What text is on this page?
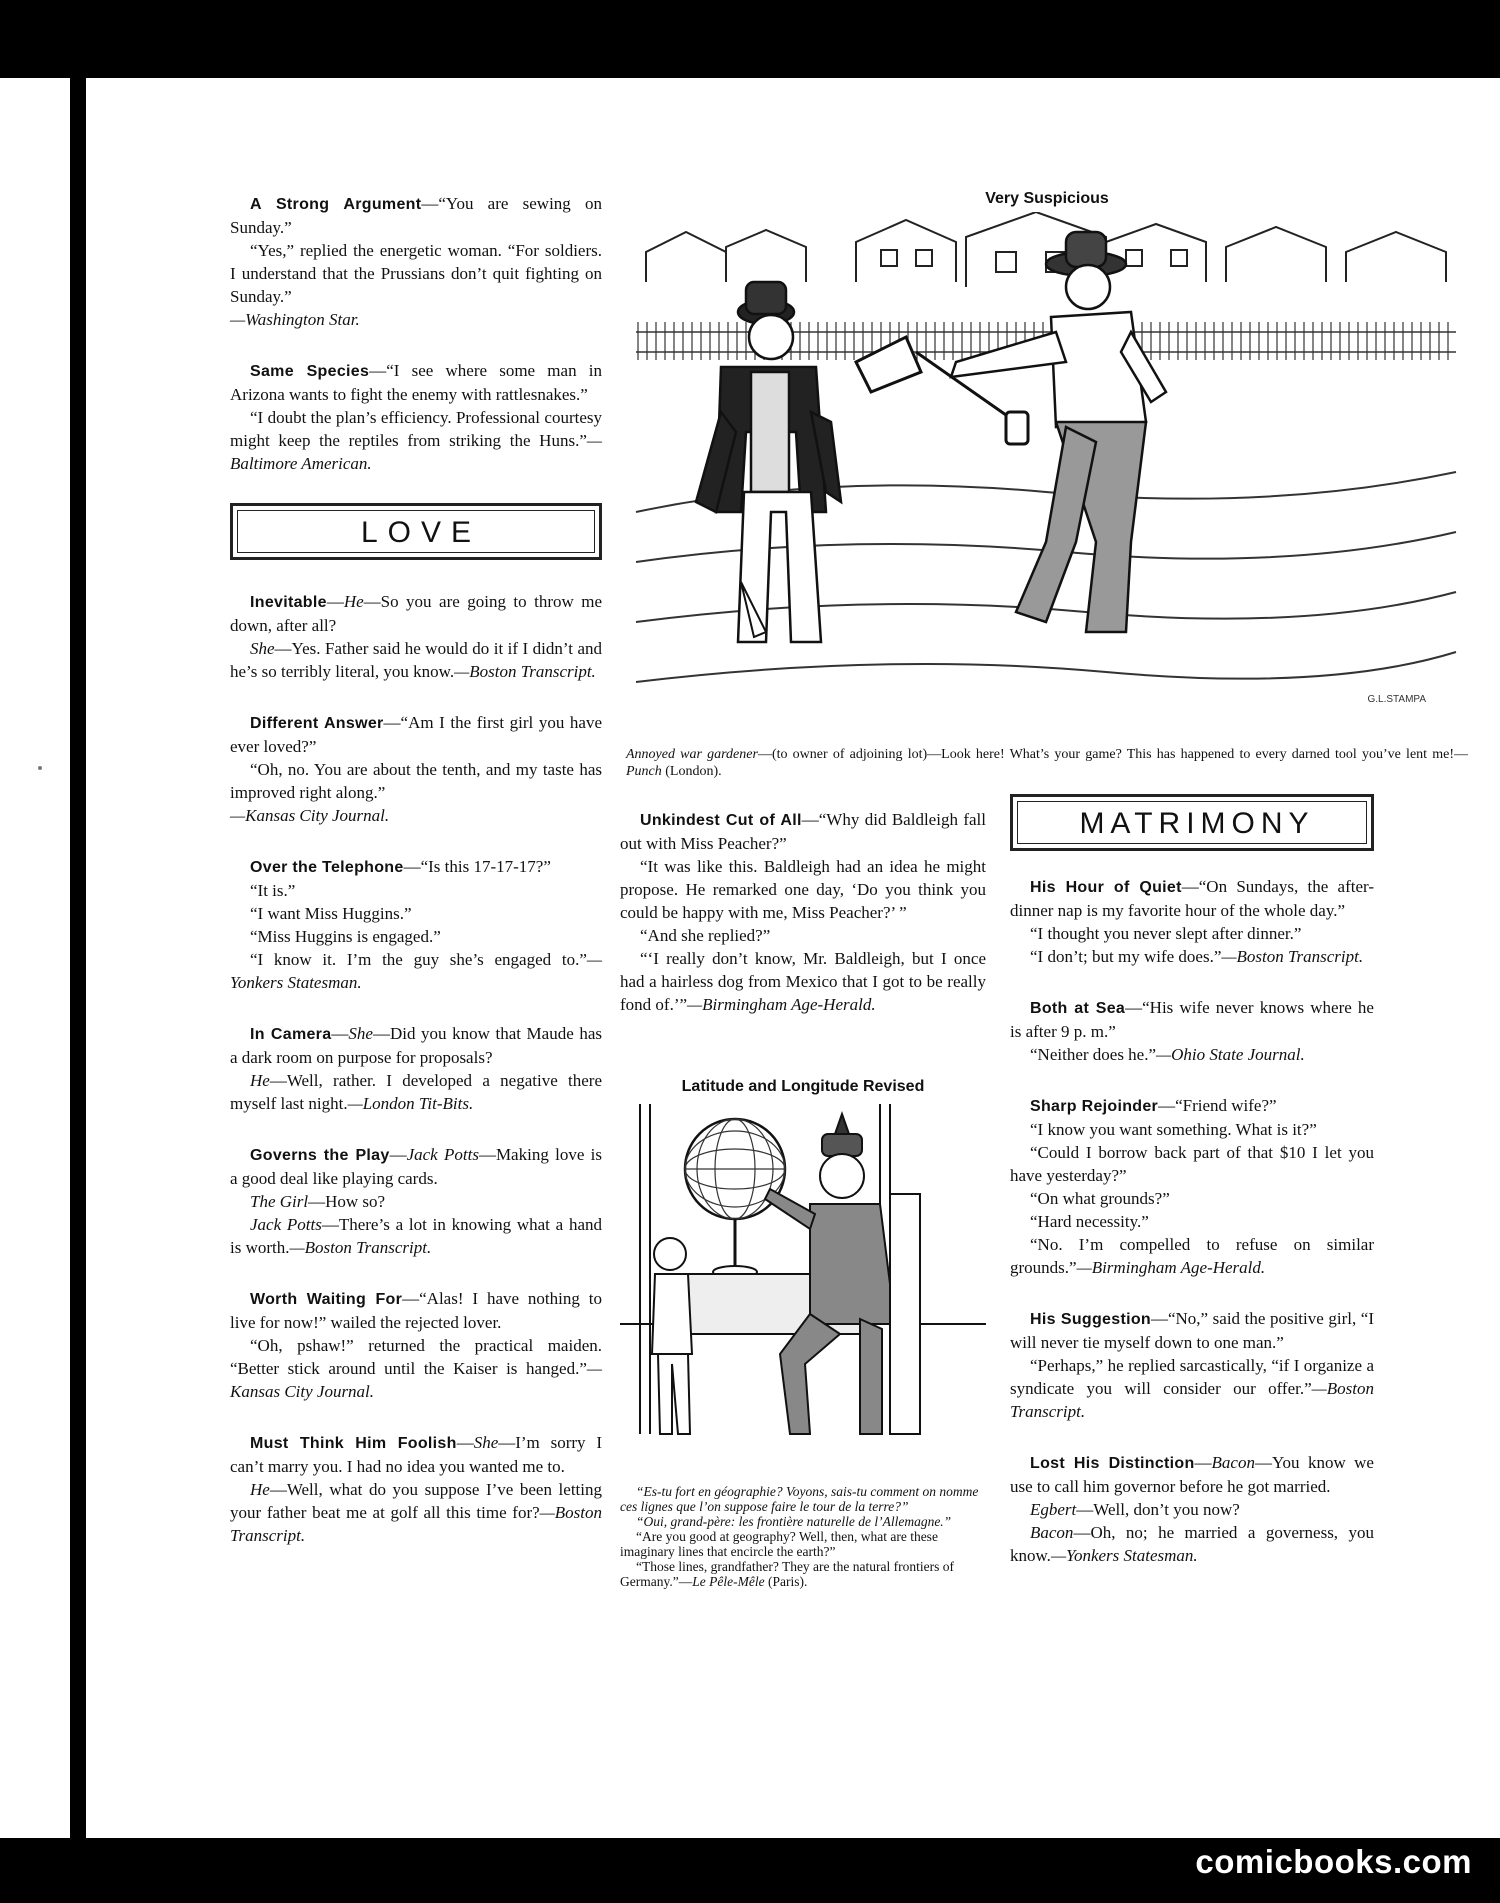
A Strong Argument—“You are sewing on Sunday.”

“Yes,” replied the energetic woman. “For soldiers. I understand that the Prussians don’t quit fighting on Sunday.”

—Washington Star.

Same Species—“I see where some man in Arizona wants to fight the enemy with rattlesnakes.”

“I doubt the plan’s efficiency. Professional courtesy might keep the reptiles from striking the Huns.”—Baltimore American.

LOVE

Inevitable—He—So you are going to throw me down, after all?

She—Yes. Father said he would do it if I didn’t and he’s so terribly literal, you know.—Boston Transcript.

Different Answer—“Am I the first girl you have ever loved?”

“Oh, no. You are about the tenth, and my taste has improved right along.”

—Kansas City Journal.

Over the Telephone—“Is this 17-17-17?”

“It is.”

“I want Miss Huggins.”

“Miss Huggins is engaged.”

“I know it. I’m the guy she’s engaged to.”—Yonkers Statesman.

In Camera—She—Did you know that Maude has a dark room on purpose for proposals?

He—Well, rather. I developed a negative there myself last night.—London Tit-Bits.

Governs the Play—Jack Potts—Making love is a good deal like playing cards.

The Girl—How so?

Jack Potts—There’s a lot in knowing what a hand is worth.—Boston Transcript.

Worth Waiting For—“Alas! I have nothing to live for now!” wailed the rejected lover.

“Oh, pshaw!” returned the practical maiden. “Better stick around until the Kaiser is hanged.”—Kansas City Journal.

Must Think Him Foolish—She—I’m sorry I can’t marry you. I had no idea you wanted me to.

He—Well, what do you suppose I’ve been letting your father beat me at golf all this time for?—Boston Transcript.

Very Suspicious
G.L.STAMPA
Annoyed war gardener—(to owner of adjoining lot)—Look here! What’s your game? This has happened to every darned tool you’ve lent me!—Punch (London).

Unkindest Cut of All—“Why did Baldleigh fall out with Miss Peacher?”

“It was like this. Baldleigh had an idea he might propose. He remarked one day, ‘Do you think you could be happy with me, Miss Peacher?’ ”

“And she replied?”

“‘I really don’t know, Mr. Baldleigh, but I once had a hairless dog from Mexico that I got to be really fond of.’”—Birmingham Age-Herald.

Latitude and Longitude Revised

“Es-tu fort en géographie? Voyons, sais-tu comment on nomme ces lignes que l’on suppose faire le tour de la terre?”

“Oui, grand-père: les frontière naturelle de l’Allemagne.”

“Are you good at geography? Well, then, what are these imaginary lines that encircle the earth?”

“Those lines, grandfather? They are the natural frontiers of Germany.”—Le Pêle-Mêle (Paris).

MATRIMONY

His Hour of Quiet—“On Sundays, the after-dinner nap is my favorite hour of the whole day.”

“I thought you never slept after dinner.”

“I don’t; but my wife does.”—Boston Transcript.

Both at Sea—“His wife never knows where he is after 9 p. m.”

“Neither does he.”—Ohio State Journal.

Sharp Rejoinder—“Friend wife?”

“I know you want something. What is it?”

“Could I borrow back part of that $10 I let you have yesterday?”

“On what grounds?”

“Hard necessity.”

“No. I’m compelled to refuse on similar grounds.”—Birmingham Age-Herald.

His Suggestion—“No,” said the positive girl, “I will never tie myself down to one man.”

“Perhaps,” he replied sarcastically, “if I organize a syndicate you will consider our offer.”—Boston Transcript.

Lost His Distinction—Bacon—You know we use to call him governor before he got married.

Egbert—Well, don’t you now?

Bacon—Oh, no; he married a governess, you know.—Yonkers Statesman.

comicbooks.com
